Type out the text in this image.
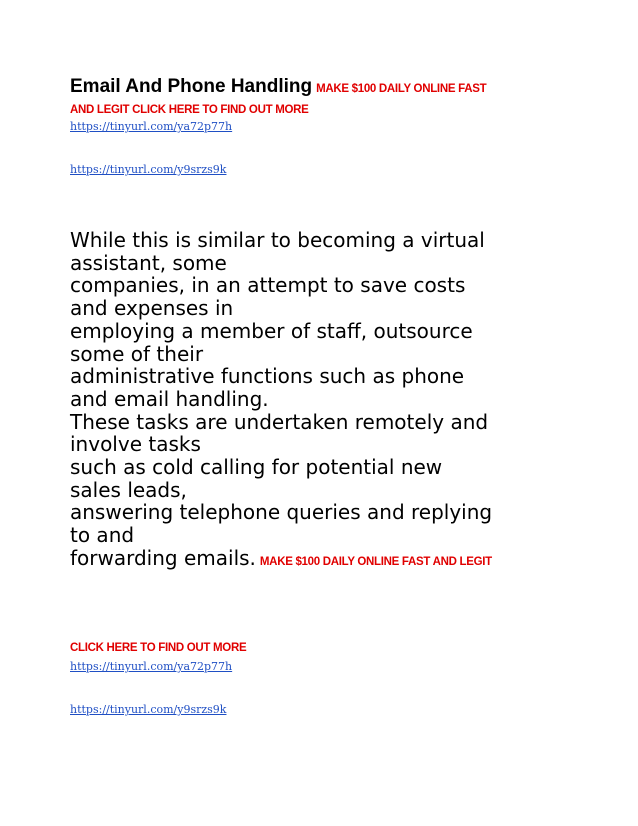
Email And Phone Handling MAKE $100 DAILY ONLINE FAST
AND LEGIT CLICK HERE TO FIND OUT MORE
https://tinyurl.com/ya72p77h
https://tinyurl.com/y9srzs9k
While this is similar to becoming a virtual
assistant, some
companies, in an attempt to save costs
and expenses in
employing a member of staff, outsource
some of their
administrative functions such as phone
and email handling.
These tasks are undertaken remotely and
involve tasks
such as cold calling for potential new
sales leads,
answering telephone queries and replying
to and
forwarding emails. MAKE $100 DAILY ONLINE FAST AND LEGIT
CLICK HERE TO FIND OUT MORE
https://tinyurl.com/ya72p77h
https://tinyurl.com/y9srzs9k
